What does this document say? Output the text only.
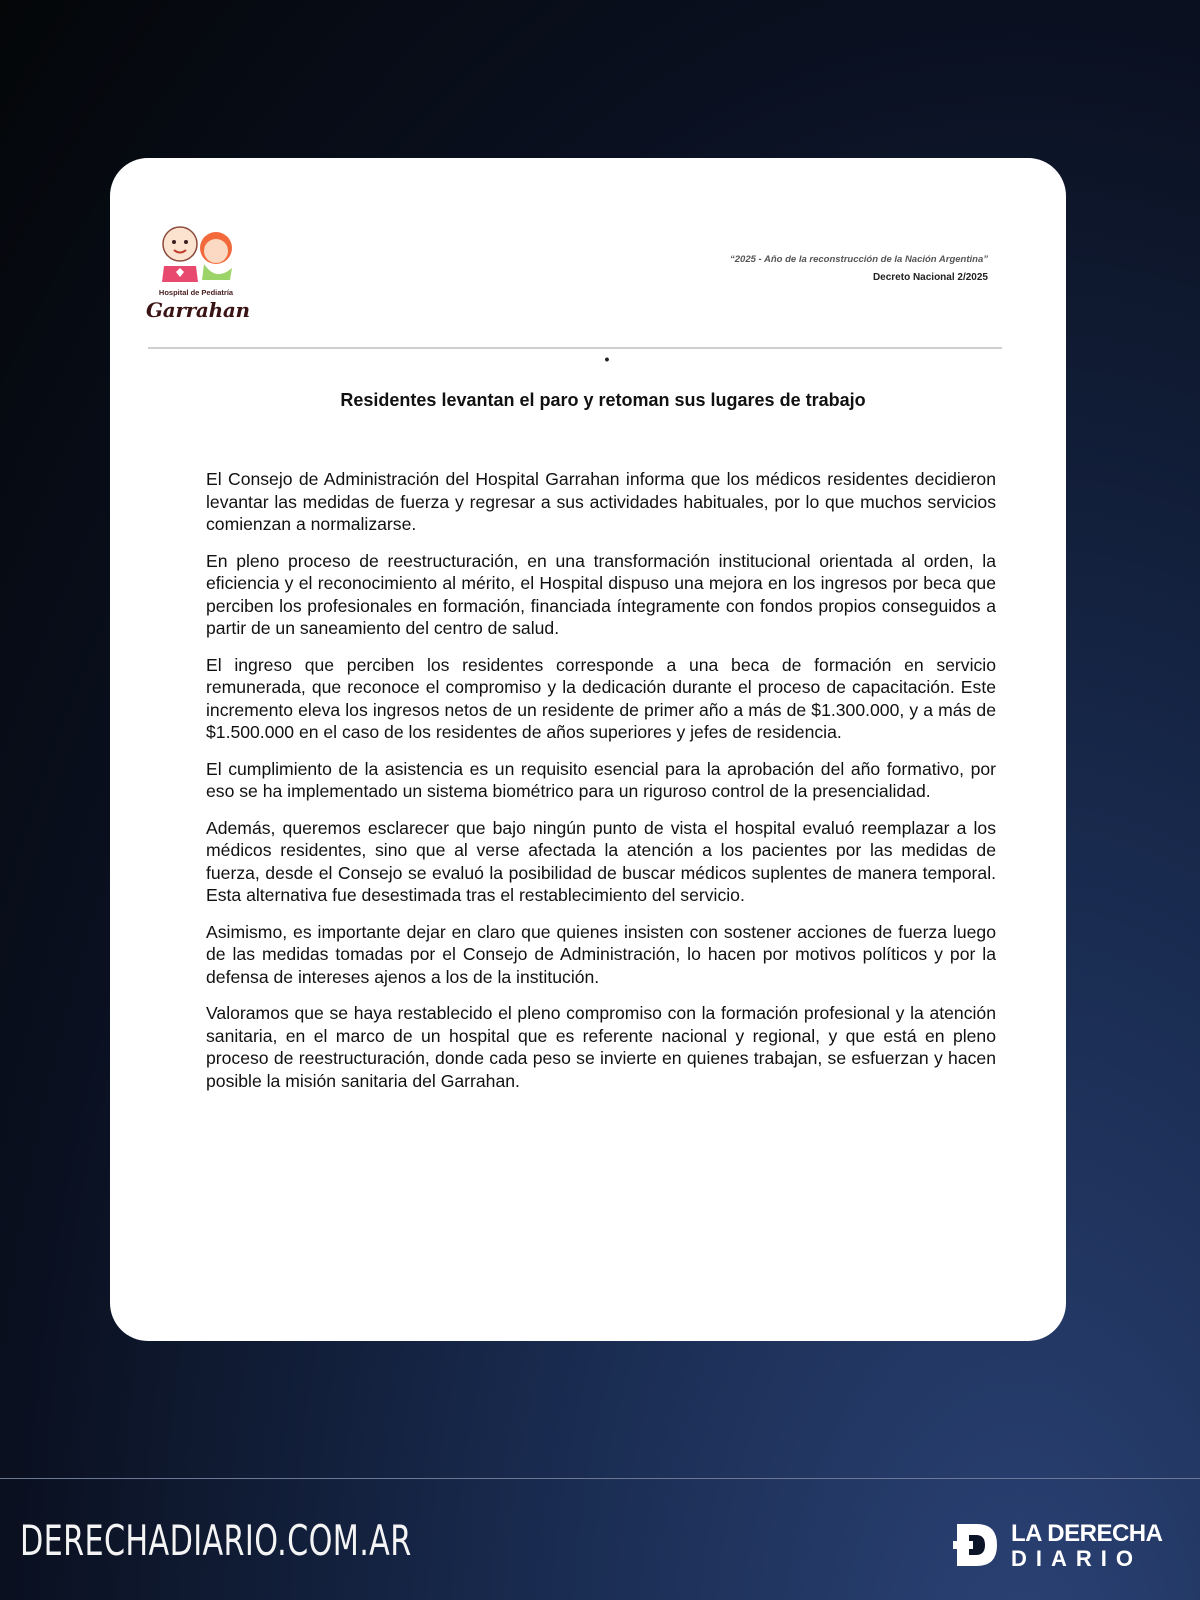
Hospital de Pediatría
Garrahan
“2025 - Año de la reconstrucción de la Nación Argentina”
Decreto Nacional 2/2025
•
Residentes levantan el paro y retoman sus lugares de trabajo

El Consejo de Administración del Hospital Garrahan informa que los médicos residentes decidieron levantar las medidas de fuerza y regresar a sus actividades habituales, por lo que muchos servicios comienzan a normalizarse.

En pleno proceso de reestructuración, en una transformación institucional orientada al orden, la eficiencia y el reconocimiento al mérito, el Hospital dispuso una mejora en los ingresos por beca que perciben los profesionales en formación, financiada íntegramente con fondos propios conseguidos a partir de un saneamiento del centro de salud.

El ingreso que perciben los residentes corresponde a una beca de formación en servicio remunerada, que reconoce el compromiso y la dedicación durante el proceso de capacitación. Este incremento eleva los ingresos netos de un residente de primer año a más de $1.300.000, y a más de $1.500.000 en el caso de los residentes de años superiores y jefes de residencia.

El cumplimiento de la asistencia es un requisito esencial para la aprobación del año formativo, por eso se ha implementado un sistema biométrico para un riguroso control de la presencialidad.

Además, queremos esclarecer que bajo ningún punto de vista el hospital evaluó reemplazar a los médicos residentes, sino que al verse afectada la atención a los pacientes por las medidas de fuerza, desde el Consejo se evaluó la posibilidad de buscar médicos suplentes de manera temporal. Esta alternativa fue desestimada tras el restablecimiento del servicio.

Asimismo, es importante dejar en claro que quienes insisten con sostener acciones de fuerza luego de las medidas tomadas por el Consejo de Administración, lo hacen por motivos políticos y por la defensa de intereses ajenos a los de la institución.

Valoramos que se haya restablecido el pleno compromiso con la formación profesional y la atención sanitaria, en el marco de un hospital que es referente nacional y regional, y que está en pleno proceso de reestructuración, donde cada peso se invierte en quienes trabajan, se esfuerzan y hacen posible la misión sanitaria del Garrahan.

DERECHADIARIO.COM.AR	LA DERECHA
DIARIO
